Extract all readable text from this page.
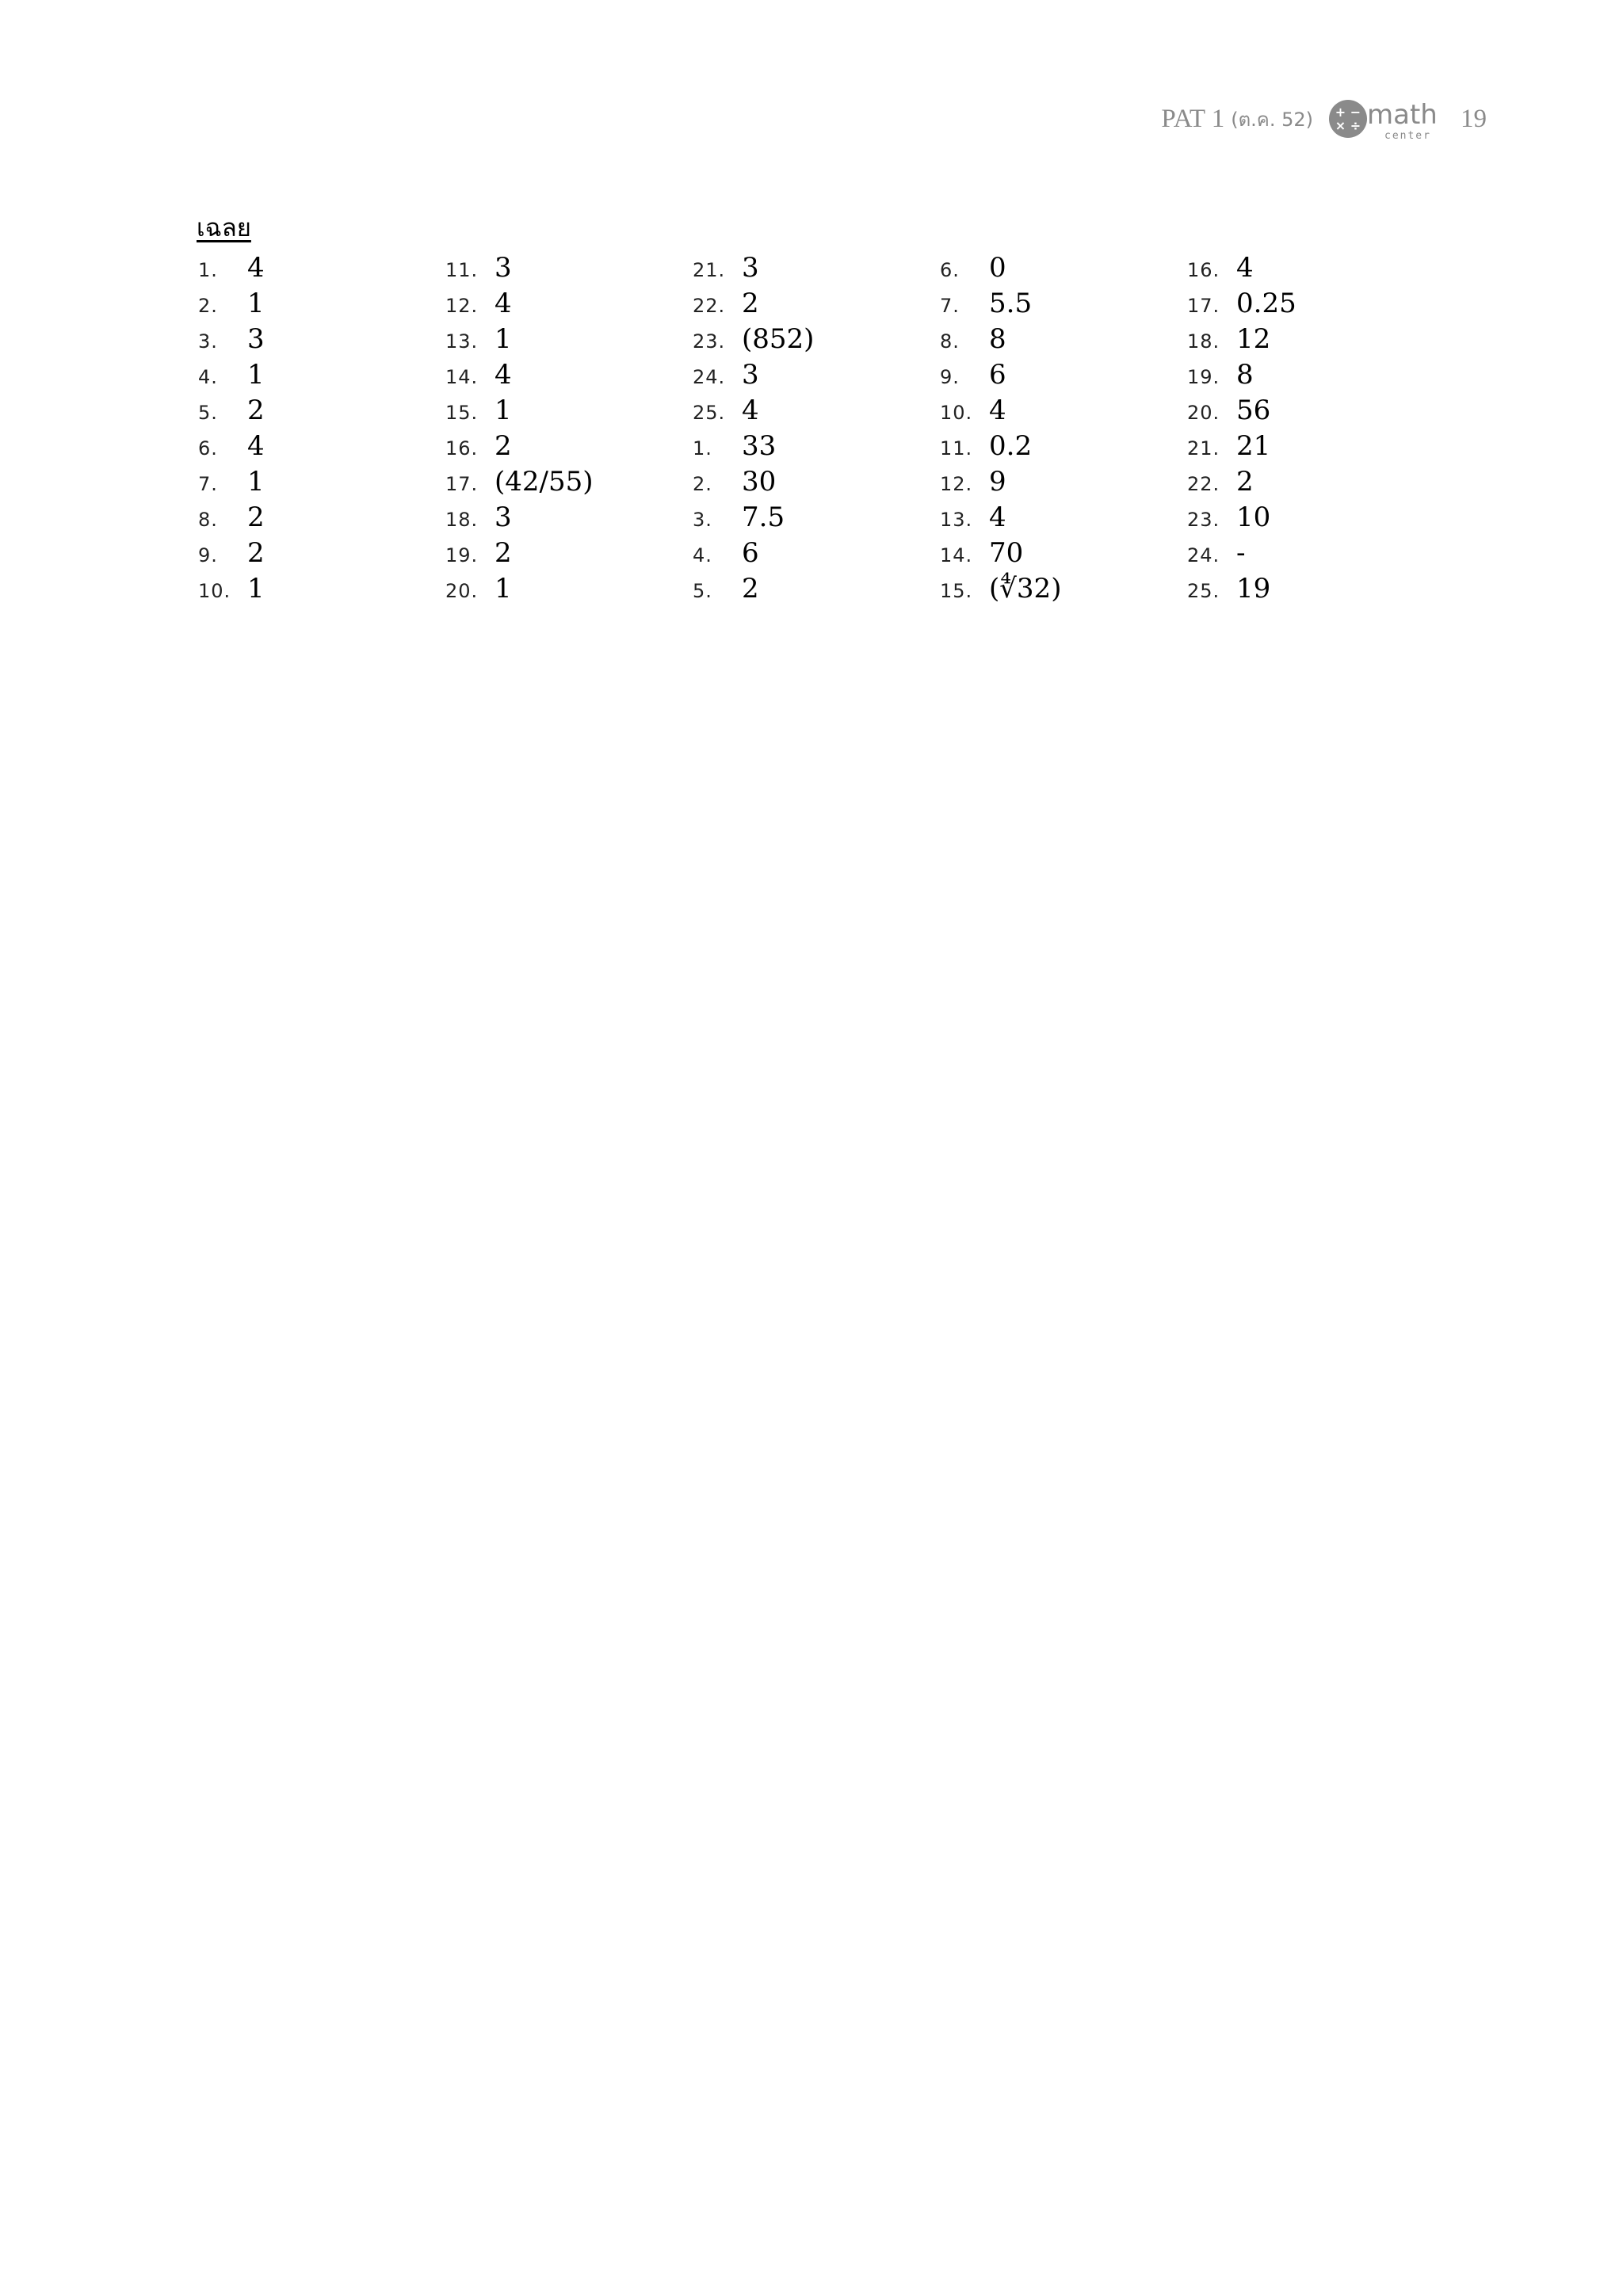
PAT 1 (ต.ค. 52) + −
× ÷ math
center
19
เฉลย
1.	4
2.	1
3.	3
4.	1
5.	2
6.	4
7.	1
8.	2
9.	2
10. 1
11. 3
12. 4
13. 1
14. 4
15. 1
16. 2
17. (42/55)
18. 3
19. 2
20. 1
21. 3
22. 2
23. (852)
24. 3
25. 4
1.	33
2.	30
3.	7.5
4.	6
5.	2
6.	0
7.	5.5
8.	8
9.	6
10. 4
11. 0.2
12. 9
13. 4
14. 70
15. (∜32)
16. 4
17. 0.25
18. 12
19. 8
20. 56
21. 21
22. 2
23. 10
24. -
25. 19
